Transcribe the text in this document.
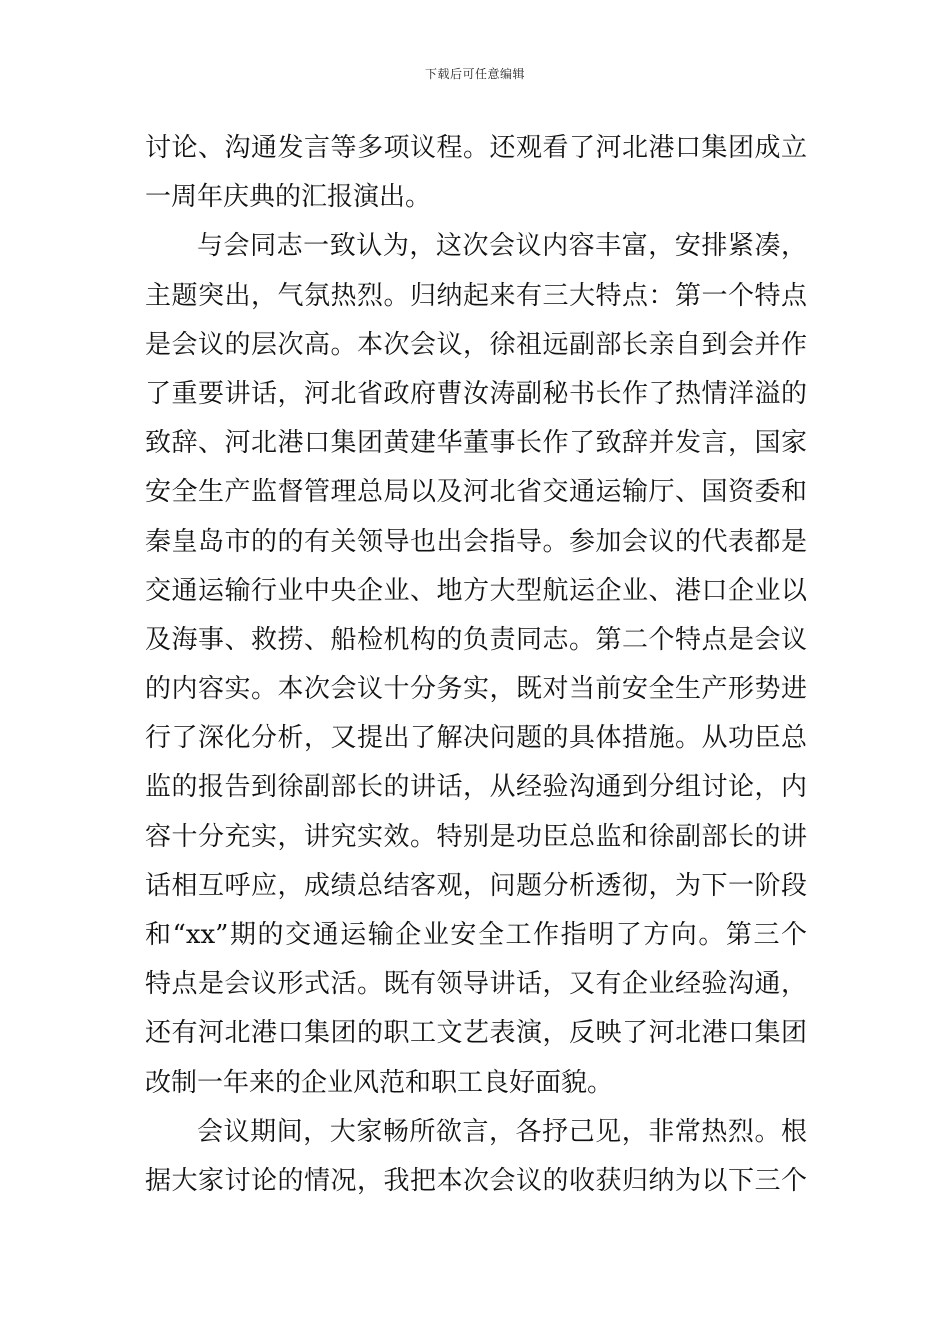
下载后可任意编辑
讨论、沟通发言等多项议程。还观看了河北港口集团成立
一周年庆典的汇报演出。
与会同志一致认为，这次会议内容丰富，安排紧凑，
主题突出，气氛热烈。归纳起来有三大特点：第一个特点
是会议的层次高。本次会议，徐祖远副部长亲自到会并作
了重要讲话，河北省政府曹汝涛副秘书长作了热情洋溢的
致辞、河北港口集团黄建华董事长作了致辞并发言，国家
安全生产监督管理总局以及河北省交通运输厅、国资委和
秦皇岛市的的有关领导也出会指导。参加会议的代表都是
交通运输行业中央企业、地方大型航运企业、港口企业以
及海事、救捞、船检机构的负责同志。第二个特点是会议
的内容实。本次会议十分务实，既对当前安全生产形势进
行了深化分析，又提出了解决问题的具体措施。从功臣总
监的报告到徐副部长的讲话，从经验沟通到分组讨论，内
容十分充实，讲究实效。特别是功臣总监和徐副部长的讲
话相互呼应，成绩总结客观，问题分析透彻，为下一阶段
和“xx”期的交通运输企业安全工作指明了方向。第三个
特点是会议形式活。既有领导讲话，又有企业经验沟通，
还有河北港口集团的职工文艺表演，反映了河北港口集团
改制一年来的企业风范和职工良好面貌。
会议期间，大家畅所欲言，各抒己见，非常热烈。根
据大家讨论的情况，我把本次会议的收获归纳为以下三个
